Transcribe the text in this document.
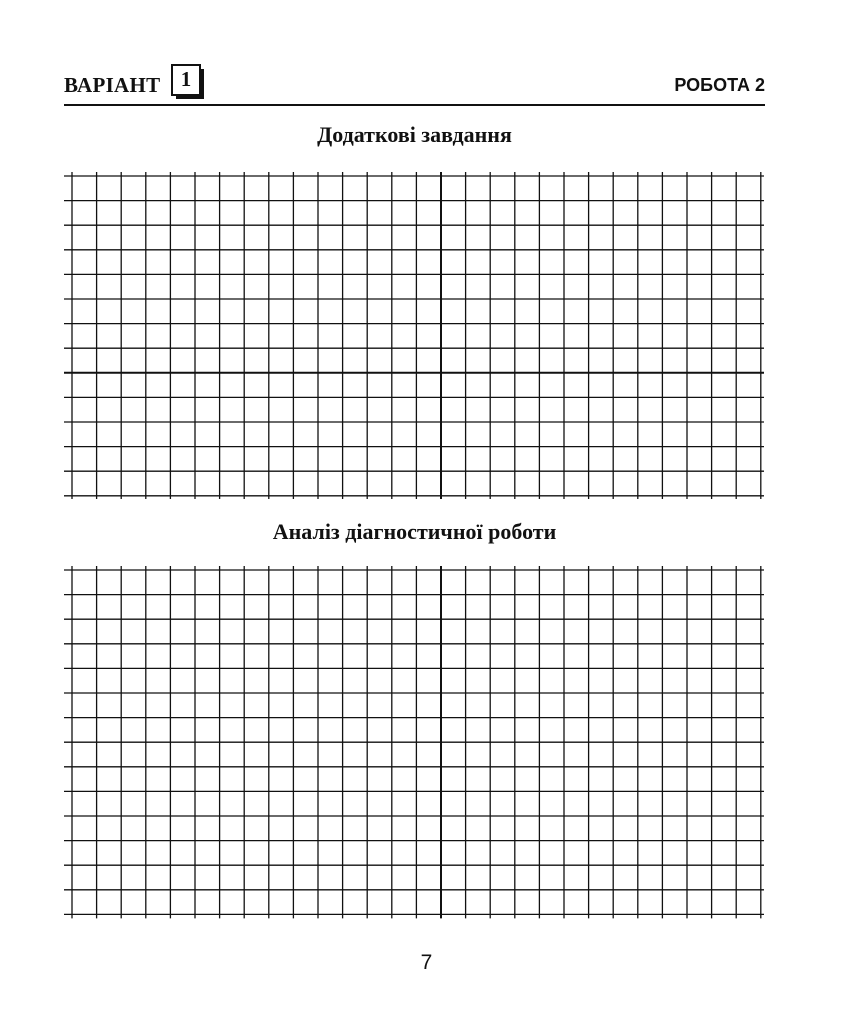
ВАРІАНТ 1	РОБОТА 2
Додаткові завдання
Аналіз діагностичної роботи
7
